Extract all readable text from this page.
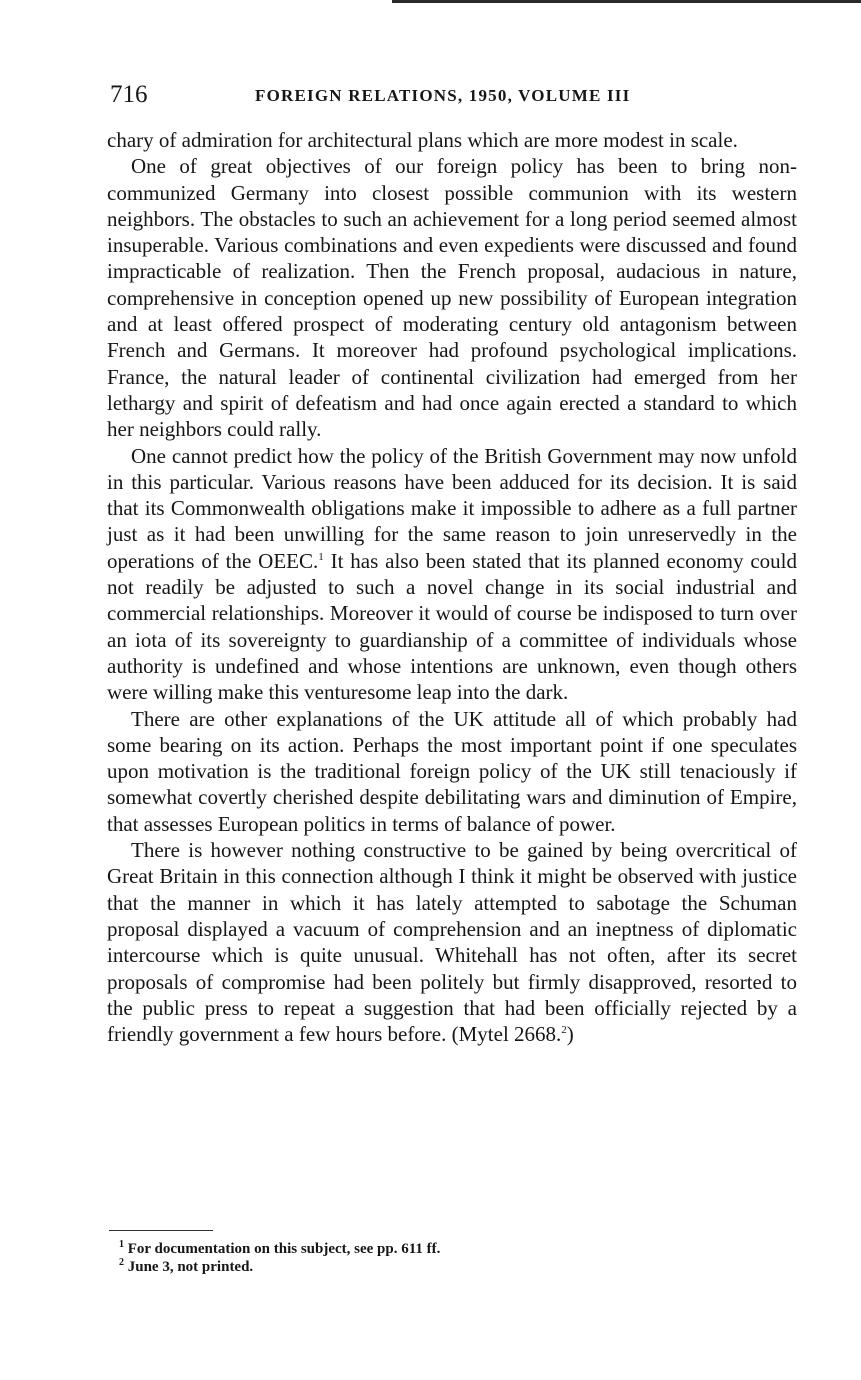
716	FOREIGN RELATIONS, 1950, VOLUME III

chary of admiration for architectural plans which are more modest in scale.

One of great objectives of our foreign policy has been to bring non-communized Germany into closest possible communion with its western neighbors. The obstacles to such an achievement for a long period seemed almost insuperable. Various combinations and even expedients were discussed and found impracticable of realization. Then the French proposal, audacious in nature, comprehensive in conception opened up new possibility of European integration and at least offered prospect of moderating century old antagonism between French and Germans. It moreover had profound psychological implications. France, the natural leader of continental civilization had emerged from her lethargy and spirit of defeatism and had once again erected a standard to which her neighbors could rally.

One cannot predict how the policy of the British Government may now unfold in this particular. Various reasons have been adduced for its decision. It is said that its Commonwealth obligations make it impossible to adhere as a full partner just as it had been unwilling for the same reason to join unreservedly in the operations of the OEEC.$^1$ It has also been stated that its planned economy could not readily be adjusted to such a novel change in its social industrial and commercial relationships. Moreover it would of course be indisposed to turn over an iota of its sovereignty to guardianship of a committee of individuals whose authority is undefined and whose intentions are unknown, even though others were willing make this venturesome leap into the dark.

There are other explanations of the UK attitude all of which probably had some bearing on its action. Perhaps the most important point if one speculates upon motivation is the traditional foreign policy of the UK still tenaciously if somewhat covertly cherished despite debilitating wars and diminution of Empire, that assesses European politics in terms of balance of power.

There is however nothing constructive to be gained by being overcritical of Great Britain in this connection although I think it might be observed with justice that the manner in which it has lately attempted to sabotage the Schuman proposal displayed a vacuum of comprehension and an ineptness of diplomatic intercourse which is quite unusual. Whitehall has not often, after its secret proposals of compromise had been politely but firmly disapproved, resorted to the public press to repeat a suggestion that had been officially rejected by a friendly government a few hours before. (Mytel 2668.$^2$)

$^1$ For documentation on this subject, see pp. 611 ff.
$^2$ June 3, not printed.
